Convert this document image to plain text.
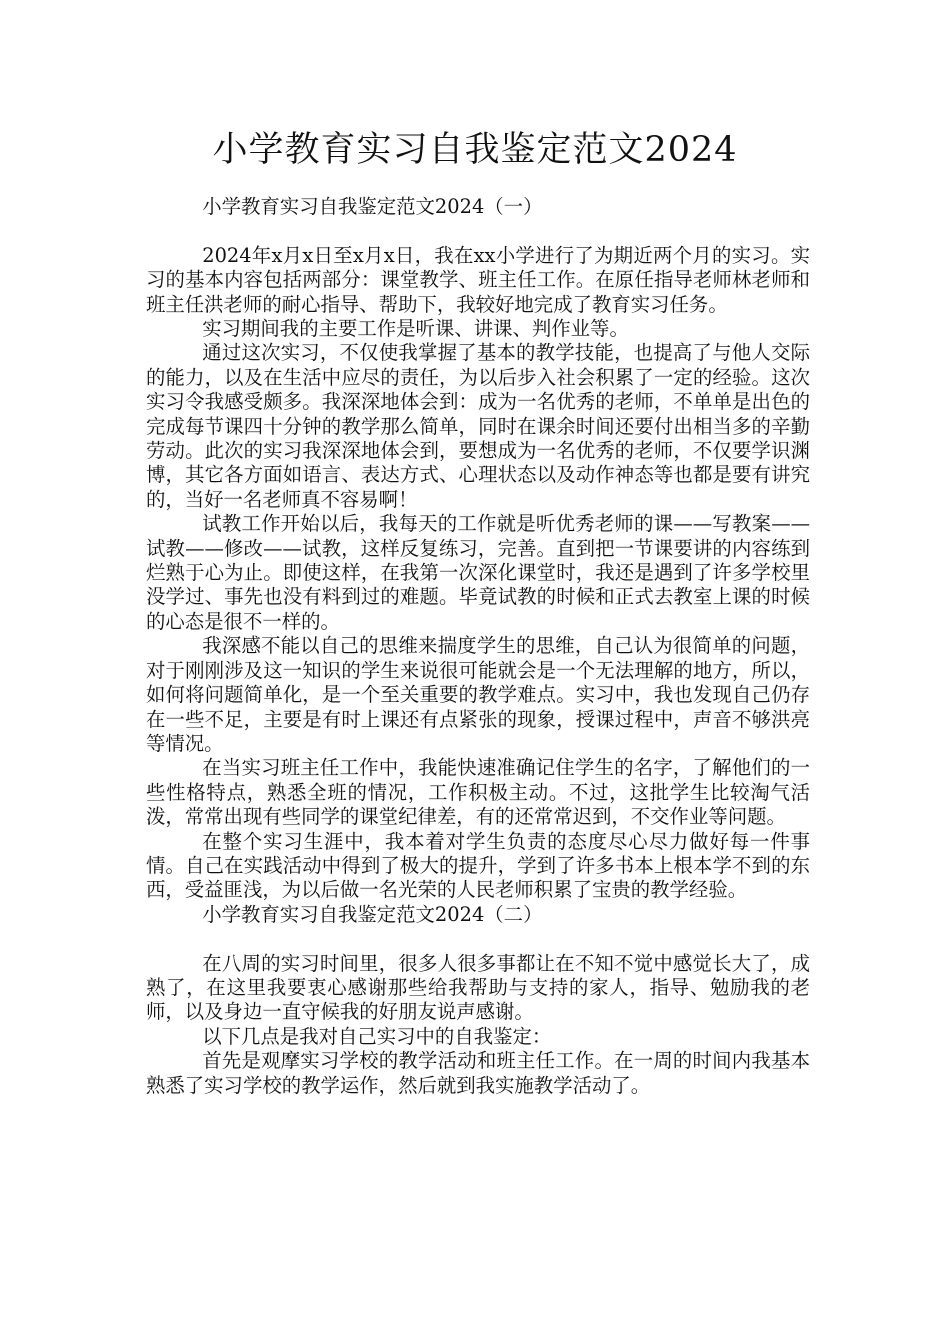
小学教育实习自我鉴定范文2024

小学教育实习自我鉴定范文2024（一）

2024年x月x日至x月x日，我在xx小学进行了为期近两个月的实习。实习的基本内容包括两部分：课堂教学、班主任工作。在原任指导老师林老师和班主任洪老师的耐心指导、帮助下，我较好地完成了教育实习任务。

实习期间我的主要工作是听课、讲课、判作业等。

通过这次实习，不仅使我掌握了基本的教学技能，也提高了与他人交际的能力，以及在生活中应尽的责任，为以后步入社会积累了一定的经验。这次实习令我感受颇多。我深深地体会到：成为一名优秀的老师，不单单是出色的完成每节课四十分钟的教学那么简单，同时在课余时间还要付出相当多的辛勤劳动。此次的实习我深深地体会到，要想成为一名优秀的老师，不仅要学识渊博，其它各方面如语言、表达方式、心理状态以及动作神态等也都是要有讲究的，当好一名老师真不容易啊！

试教工作开始以后，我每天的工作就是听优秀老师的课——写教案——试教——修改——试教，这样反复练习，完善。直到把一节课要讲的内容练到烂熟于心为止。即使这样，在我第一次深化课堂时，我还是遇到了许多学校里没学过、事先也没有料到过的难题。毕竟试教的时候和正式去教室上课的时候的心态是很不一样的。

我深感不能以自己的思维来揣度学生的思维，自己认为很简单的问题，对于刚刚涉及这一知识的学生来说很可能就会是一个无法理解的地方，所以，如何将问题简单化，是一个至关重要的教学难点。实习中，我也发现自己仍存在一些不足，主要是有时上课还有点紧张的现象，授课过程中，声音不够洪亮等情况。

在当实习班主任工作中，我能快速准确记住学生的名字，了解他们的一些性格特点，熟悉全班的情况，工作积极主动。不过，这批学生比较淘气活泼，常常出现有些同学的课堂纪律差，有的还常常迟到，不交作业等问题。

在整个实习生涯中，我本着对学生负责的态度尽心尽力做好每一件事情。自己在实践活动中得到了极大的提升，学到了许多书本上根本学不到的东西，受益匪浅，为以后做一名光荣的人民老师积累了宝贵的教学经验。

小学教育实习自我鉴定范文2024（二）

在八周的实习时间里，很多人很多事都让在不知不觉中感觉长大了，成熟了，在这里我要衷心感谢那些给我帮助与支持的家人，指导、勉励我的老师，以及身边一直守候我的好朋友说声感谢。

以下几点是我对自己实习中的自我鉴定：

首先是观摩实习学校的教学活动和班主任工作。在一周的时间内我基本熟悉了实习学校的教学运作，然后就到我实施教学活动了。
